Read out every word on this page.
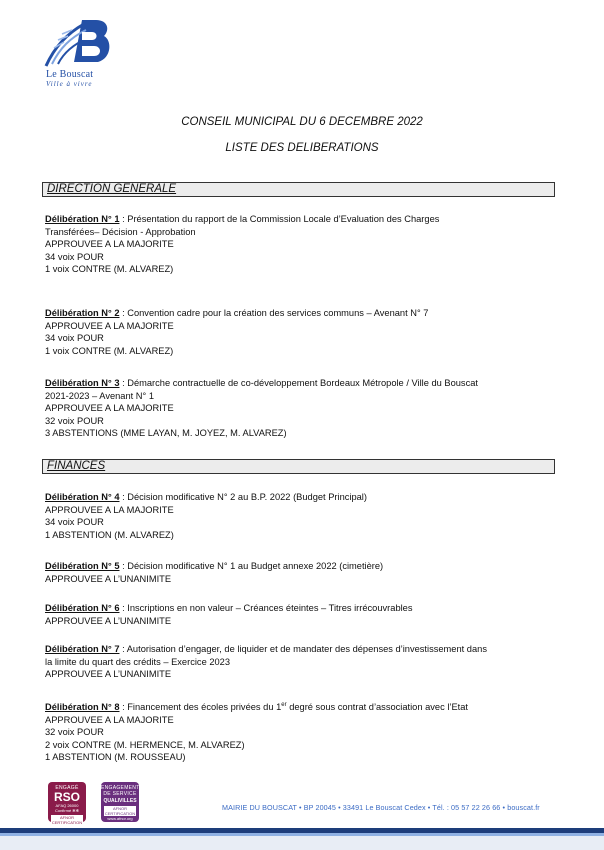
Le Bouscat
Ville à vivre
CONSEIL MUNICIPAL DU 6 DECEMBRE 2022
LISTE DES DELIBERATIONS
DIRECTION GENERALE
Délibération N° 1 : Présentation du rapport de la Commission Locale d’Evaluation des Charges
Transférées– Décision - Approbation
APPROUVEE A LA MAJORITE
34 voix POUR
1 voix CONTRE (M. ALVAREZ)
Délibération N° 2 : Convention cadre pour la création des services communs – Avenant N° 7
APPROUVEE A LA MAJORITE
34 voix POUR
1 voix CONTRE (M. ALVAREZ)
Délibération N° 3 : Démarche contractuelle de co-développement Bordeaux Métropole / Ville du Bouscat
2021-2023 – Avenant N° 1
APPROUVEE A LA MAJORITE
32 voix POUR
3 ABSTENTIONS (MME LAYAN, M. JOYEZ, M. ALVAREZ)
FINANCES
Délibération N° 4 : Décision modificative N° 2 au B.P. 2022 (Budget Principal)
APPROUVEE A LA MAJORITE
34 voix POUR
1 ABSTENTION (M. ALVAREZ)
Délibération N° 5 : Décision modificative N° 1 au Budget annexe 2022 (cimetière)
APPROUVEE A L’UNANIMITE
Délibération N° 6 : Inscriptions en non valeur – Créances éteintes – Titres irrécouvrables
APPROUVEE A L’UNANIMITE
Délibération N° 7 : Autorisation d’engager, de liquider et de mandater des dépenses d’investissement dans
la limite du quart des crédits – Exercice 2023
APPROUVEE A L’UNANIMITE
Délibération N° 8 : Financement des écoles privées du 1er degré sous contrat d’association avec l’Etat
APPROUVEE A LA MAJORITE
32 voix POUR
2 voix CONTRE (M. HERMENCE, M. ALVAREZ)
1 ABSTENTION (M. ROUSSEAU)
ENGAGÉ
RSO
AFAQ 26000
Confirmé ✻✻
AFNOR CERTIFICATION
ENGAGEMENT DE SERVICE
QUALIVILLES
AFNOR CERTIFICATION
www.afnor.org
MAIRIE DU BOUSCAT • BP 20045 • 33491 Le Bouscat Cedex • Tél. : 05 57 22 26 66 • bouscat.fr
